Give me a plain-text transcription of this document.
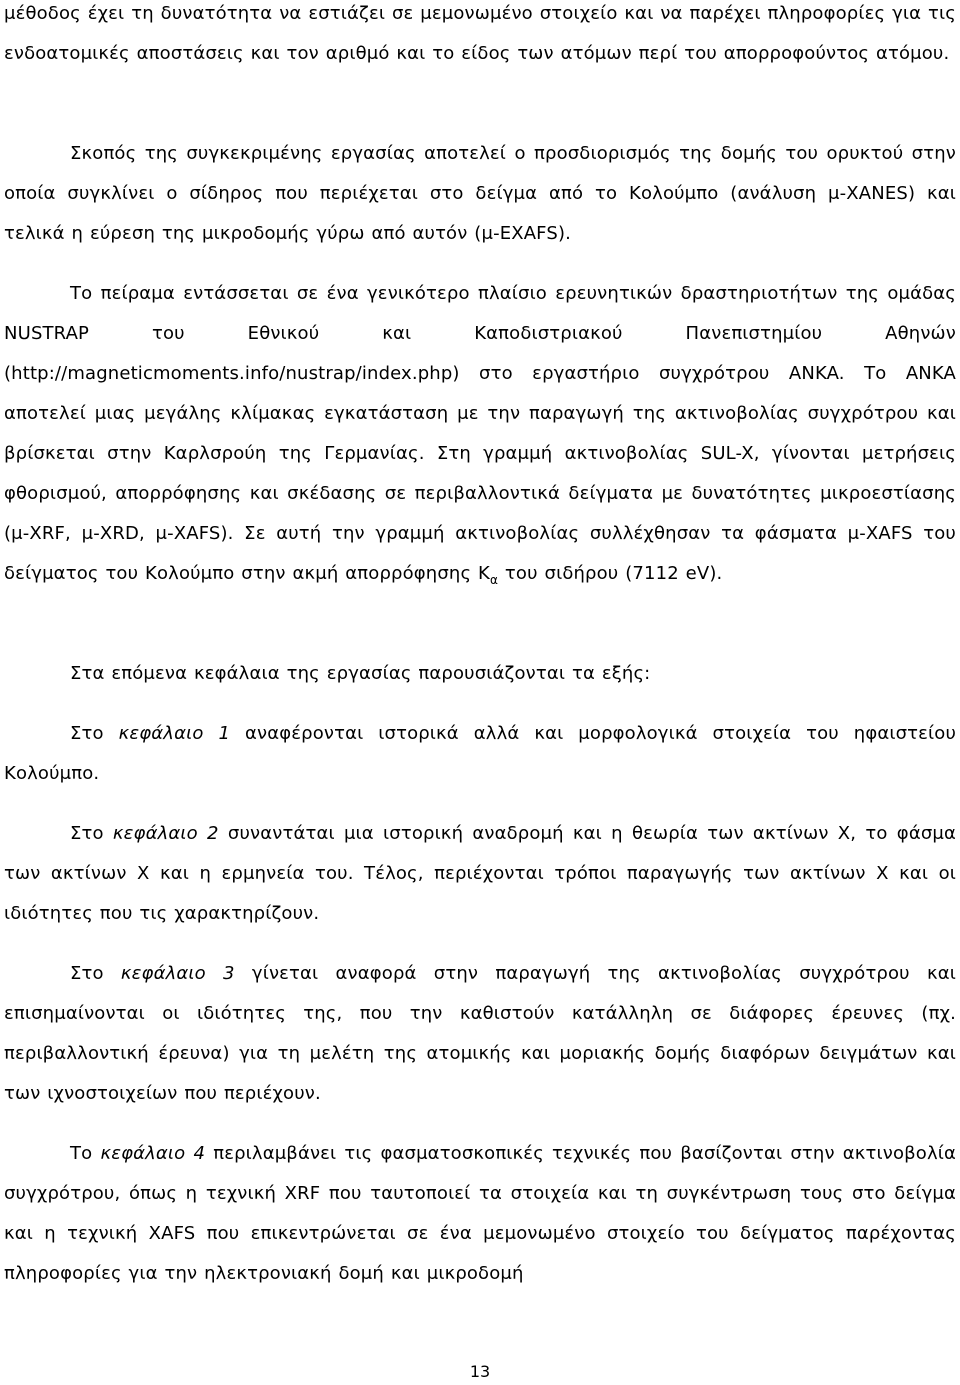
μέθοδος έχει τη δυνατότητα να εστιάζει σε μεμονωμένο στοιχείο και να παρέχει πληροφορίες για τις ενδοατομικές αποστάσεις και τον αριθμό και το είδος των ατόμων περί του απορροφούντος ατόμου.

Σκοπός της συγκεκριμένης εργασίας αποτελεί ο προσδιορισμός της δομής του ορυκτού στην οποία συγκλίνει ο σίδηρος που περιέχεται στο δείγμα από το Κολούμπο (ανάλυση μ-XANES) και τελικά η εύρεση της μικροδομής γύρω από αυτόν (μ-EXAFS).

Το πείραμα εντάσσεται σε ένα γενικότερο πλαίσιο ερευνητικών δραστηριοτήτων της ομάδας NUSTRAP του Εθνικού και Καποδιστριακού Πανεπιστημίου Αθηνών (http://magneticmoments.info/nustrap/index.php) στο εργαστήριο συγχρότρου ANKA. Το ANKA αποτελεί μιας μεγάλης κλίμακας εγκατάσταση με την παραγωγή της ακτινοβολίας συγχρότρου και βρίσκεται στην Καρλσρούη της Γερμανίας. Στη γραμμή ακτινοβολίας SUL-X, γίνονται μετρήσεις φθορισμού, απορρόφησης και σκέδασης σε περιβαλλοντικά δείγματα με δυνατότητες μικροεστίασης (μ-XRF, μ-XRD, μ-XAFS). Σε αυτή την γραμμή ακτινοβολίας συλλέχθησαν τα φάσματα μ-XAFS του δείγματος του Κολούμπο στην ακμή απορρόφησης $K_\alpha$ του σιδήρου (7112 eV).

Στα επόμενα κεφάλαια της εργασίας παρουσιάζονται τα εξής:

Στο κεφάλαιο 1 αναφέρονται ιστορικά αλλά και μορφολογικά στοιχεία του ηφαιστείου Κολούμπο.

Στο κεφάλαιο 2 συναντάται μια ιστορική αναδρομή και η θεωρία των ακτίνων X, το φάσμα των ακτίνων X και η ερμηνεία του. Τέλος, περιέχονται τρόποι παραγωγής των ακτίνων X και οι ιδιότητες που τις χαρακτηρίζουν.

Στο κεφάλαιο 3 γίνεται αναφορά στην παραγωγή της ακτινοβολίας συγχρότρου και επισημαίνονται οι ιδιότητες της, που την καθιστούν κατάλληλη σε διάφορες έρευνες (πχ. περιβαλλοντική έρευνα) για τη μελέτη της ατομικής και μοριακής δομής διαφόρων δειγμάτων και των ιχνοστοιχείων που περιέχουν.

Το κεφάλαιο 4 περιλαμβάνει τις φασματοσκοπικές τεχνικές που βασίζονται στην ακτινοβολία συγχρότρου, όπως η τεχνική XRF που ταυτοποιεί τα στοιχεία και τη συγκέντρωση τους στο δείγμα και η τεχνική XAFS που επικεντρώνεται σε ένα μεμονωμένο στοιχείο του δείγματος παρέχοντας πληροφορίες για την ηλεκτρονιακή δομή και μικροδομή

13
